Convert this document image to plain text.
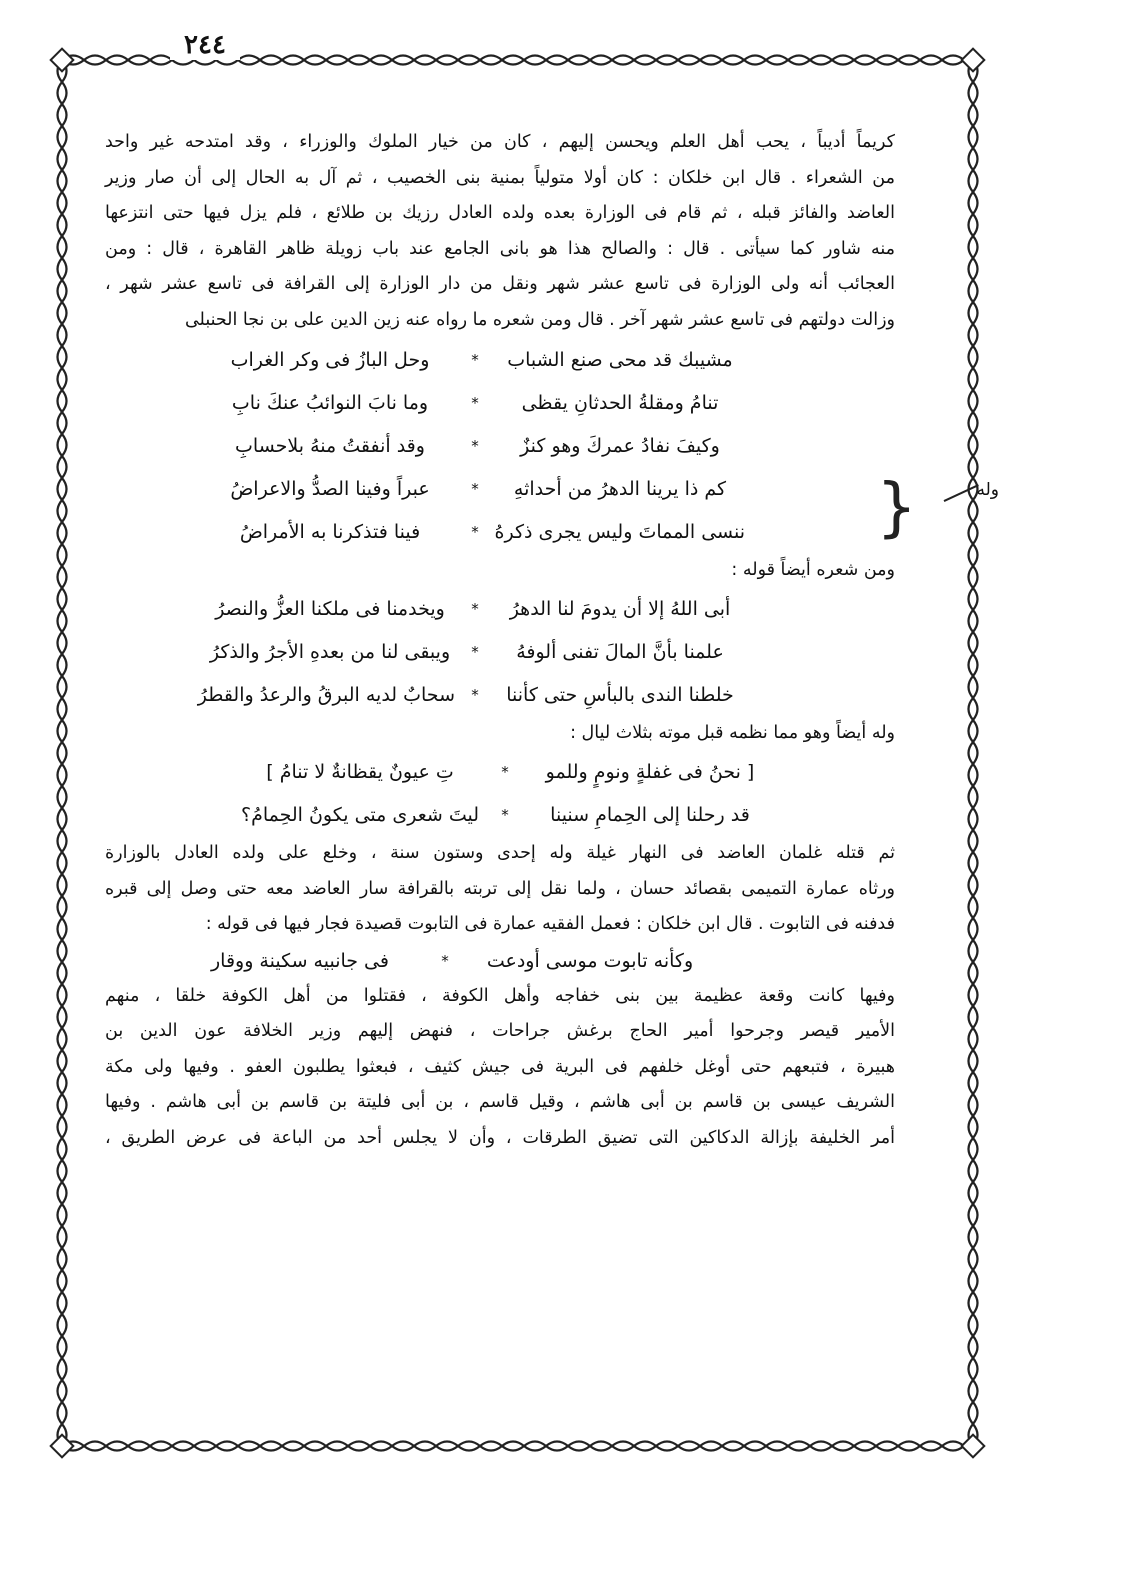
٢٤٤

كريماً أديباً ، يحب أهل العلم ويحسن إليهم ، كان من خيار الملوك والوزراء ، وقد امتدحه غير واحد

من الشعراء . قال ابن خلكان : كان أولا متولياً بمنية بنى الخصيب ، ثم آل به الحال إلى أن صار وزير

العاضد والفائز قبله ، ثم قام فى الوزارة بعده ولده العادل رزيك بن طلائع ، فلم يزل فيها حتى انتزعها

منه شاور كما سيأتى . قال : والصالح هذا هو بانى الجامع عند باب زويلة ظاهر القاهرة ، قال : ومن

العجائب أنه ولى الوزارة فى تاسع عشر شهر ونقل من دار الوزارة إلى القرافة فى تاسع عشر شهر ،

وزالت دولتهم فى تاسع عشر شهر آخر . قال ومن شعره ما رواه عنه زين الدين على بن نجا الحنبلى

مشيبك قد محى صنع الشباب
*
وحل البازُ فى وكر الغراب
تنامُ ومقلةُ الحدثانِ يقظى
*
وما نابَ النوائبُ عنكَ نابِ
وكيفَ نفادُ عمركَ وهو كنزٌ
*
وقد أنفقتُ منهُ بلاحسابِ
وله
{
كم ذا يرينا الدهرُ من أحداثهِ
*
عبراً وفينا الصدُّ والاعراضُ
ننسى المماتَ وليس يجرى ذكرهُ
*
فينا فتذكرنا به الأمراضُ

ومن شعره أيضاً قوله :

أبى اللهُ إلا أن يدومَ لنا الدهرُ
*
ويخدمنا فى ملكنا العزُّ والنصرُ
علمنا بأنَّ المالَ تفنى ألوفهُ
*
ويبقى لنا من بعدهِ الأجرُ والذكرُ
خلطنا الندى بالبأسِ حتى كأننا
*
سحابٌ لديه البرقُ والرعدُ والقطرُ

وله أيضاً وهو مما نظمه قبل موته بثلاث ليال :

[ نحنُ فى غفلةٍ ونومٍ وللمو
*
تِ عيونٌ يقظانةٌ لا تنامُ ]
قد رحلنا إلى الحِمامِ سنينا
*
ليتَ شعرى متى يكونُ الحِمامُ؟

ثم قتله غلمان العاضد فى النهار غيلة وله إحدى وستون سنة ، وخلع على ولده العادل بالوزارة

ورثاه عمارة التميمى بقصائد حسان ، ولما نقل إلى تربته بالقرافة سار العاضد معه حتى وصل إلى قبره

فدفنه فى التابوت . قال ابن خلكان : فعمل الفقيه عمارة فى التابوت قصيدة فجار فيها فى قوله :

وكأنه تابوت موسى أودعت
*
فى جانبيه سكينة ووقار

وفيها كانت وقعة عظيمة بين بنى خفاجه وأهل الكوفة ، فقتلوا من أهل الكوفة خلقا ، منهم

الأمير قيصر وجرحوا أمير الحاج برغش جراحات ، فنهض إليهم وزير الخلافة عون الدين بن

هبيرة ، فتبعهم حتى أوغل خلفهم فى البرية فى جيش كثيف ، فبعثوا يطلبون العفو . وفيها ولى مكة

الشريف عيسى بن قاسم بن أبى هاشم ، وقيل قاسم ، بن أبى فليتة بن قاسم بن أبى هاشم . وفيها

أمر الخليفة بإزالة الدكاكين التى تضيق الطرقات ، وأن لا يجلس أحد من الباعة فى عرض الطريق ،
